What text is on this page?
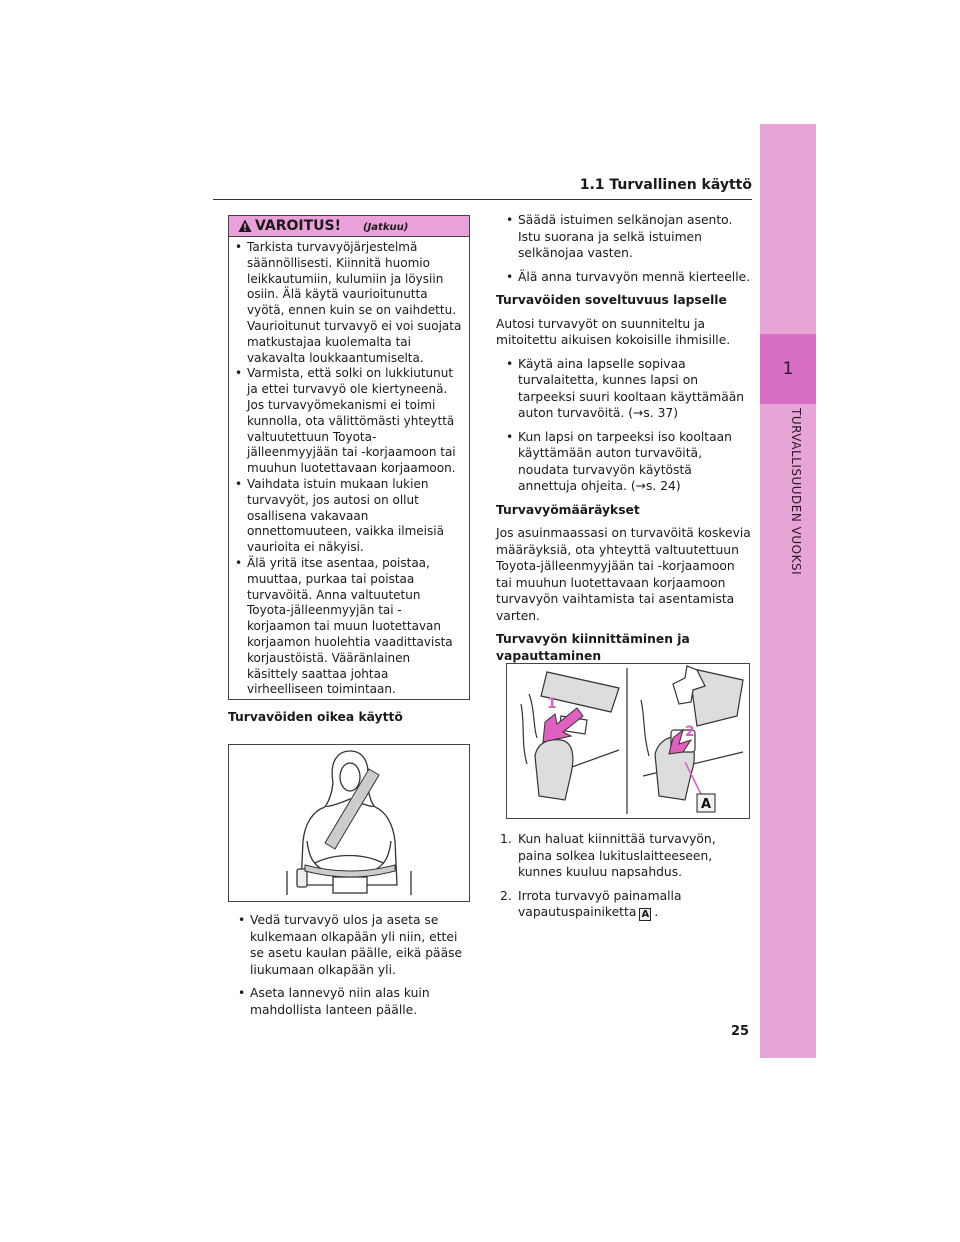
1
TURVALLISUUDEN VUOKSI
1.1 Turvallinen käyttö
VAROITUS! (Jatkuu)
• Tarkista turvavyöjärjestelmä säännöllisesti. Kiinnitä huomio leikkautumiin, kulumiin ja löysiin osiin. Älä käytä vaurioitunutta vyötä, ennen kuin se on vaihdettu. Vaurioitunut turvavyö ei voi suojata matkustajaa kuolemalta tai vakavalta loukkaantumiselta.
• Varmista, että solki on lukkiutunut ja ettei turvavyö ole kiertyneenä. Jos turvavyömekanismi ei toimi kunnolla, ota välittömästi yhteyttä valtuutettuun Toyota-jälleenmyyjään tai -korjaamoon tai muuhun luotettavaan korjaamoon.
• Vaihdata istuin mukaan lukien turvavyöt, jos autosi on ollut osallisena vakavaan onnettomuuteen, vaikka ilmeisiä vaurioita ei näkyisi.
• Älä yritä itse asentaa, poistaa, muuttaa, purkaa tai poistaa turvavöitä. Anna valtuutetun Toyota-jälleenmyyjän tai -korjaamon tai muun luotettavan korjaamon huolehtia vaadittavista korjaustöistä. Vääränlainen käsittely saattaa johtaa virheelliseen toimintaan.
Turvavöiden oikea käyttö
• Vedä turvavyö ulos ja aseta se kulkemaan olkapään yli niin, ettei se asetu kaulan päälle, eikä pääse liukumaan olkapään yli.
• Aseta lannevyö niin alas kuin mahdollista lanteen päälle.
• Säädä istuimen selkänojan asento. Istu suorana ja selkä istuimen selkänojaa vasten.
• Älä anna turvavyön mennä kierteelle.
Turvavöiden soveltuvuus lapselle
Autosi turvavyöt on suunniteltu ja mitoitettu aikuisen kokoisille ihmisille.
• Käytä aina lapselle sopivaa turvalaitetta, kunnes lapsi on tarpeeksi suuri kooltaan käyttämään auton turvavöitä. (→s. 37)
• Kun lapsi on tarpeeksi iso kooltaan käyttämään auton turvavöitä, noudata turvavyön käytöstä annettuja ohjeita. (→s. 24)
Turvavyömääräykset
Jos asuinmaassasi on turvavöitä koskevia määräyksiä, ota yhteyttä valtuutettuun Toyota-jälleenmyyjään tai -korjaamoon tai muuhun luotettavaan korjaamoon turvavyön vaihtamista tai asentamista varten.
Turvavyön kiinnittäminen ja vapauttaminen
1
2
A
1. Kun haluat kiinnittää turvavyön, paina solkea lukituslaitteeseen, kunnes kuuluu napsahdus.
2. Irrota turvavyö painamalla vapautuspainiketta A .
25
